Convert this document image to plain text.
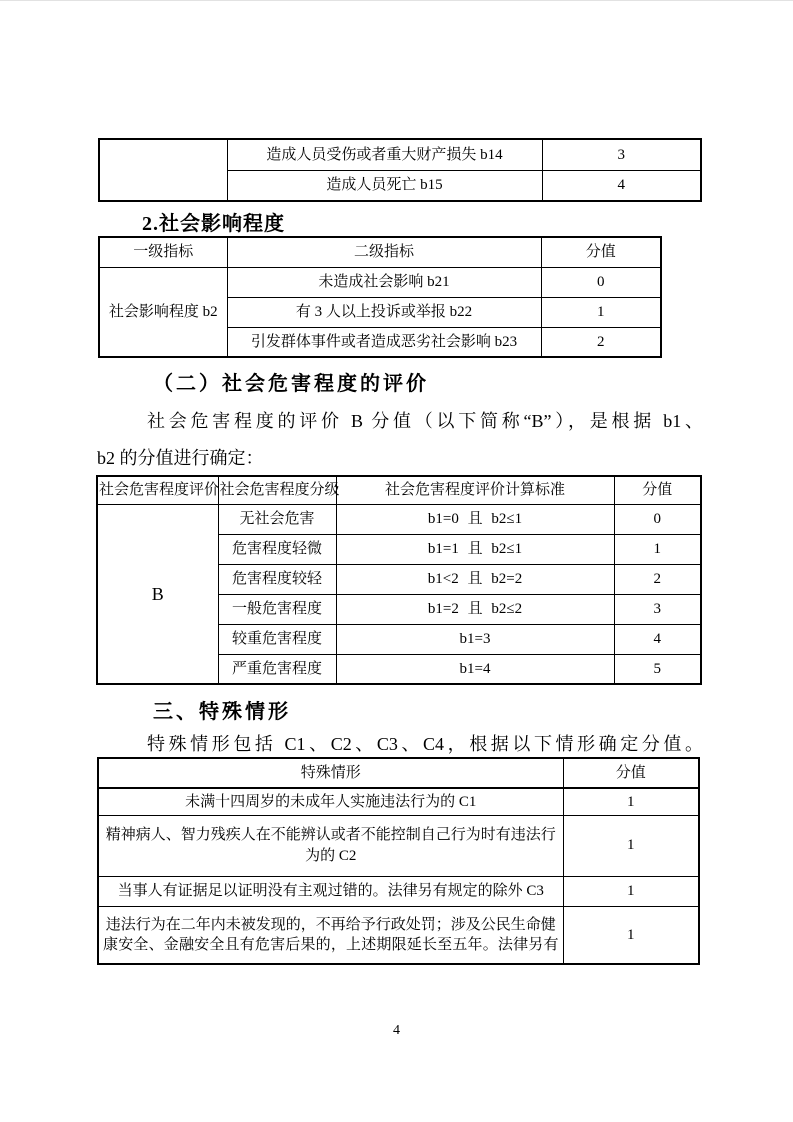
	造成人员受伤或者重大财产损失 b14	3
	造成人员死亡 b15	4
2.社会影响程度
一级指标	二级指标	分值
社会影响程度 b2	未造成社会影响 b21	0
	有 3 人以上投诉或举报 b22	1
	引发群体事件或者造成恶劣社会影响 b23	2
（二）社会危害程度的评价
社会危害程度的评价 B 分值（以下简称“B”），是根据 b1、
b2 的分值进行确定：
社会危害程度评价	社会危害程度分级	社会危害程度评价计算标准	分值
B	无社会危害	b1=0 且 b2≤1	0
	危害程度轻微	b1=1 且 b2≤1	1
	危害程度较轻	b1<2 且 b2=2	2
	一般危害程度	b1=2 且 b2≤2	3
	较重危害程度	b1=3	4
	严重危害程度	b1=4	5
三、特殊情形
特殊情形包括 C1、C2、C3、C4，根据以下情形确定分值。
特殊情形	分值
未满十四周岁的未成年人实施违法行为的 C1	1
精神病人、智力残疾人在不能辨认或者不能控制自己行为时有违法行为的 C2	1
当事人有证据足以证明没有主观过错的。法律另有规定的除外 C3	1
违法行为在二年内未被发现的，不再给予行政处罚；涉及公民生命健康安全、金融安全且有危害后果的，上述期限延长至五年。法律另有	1
4
